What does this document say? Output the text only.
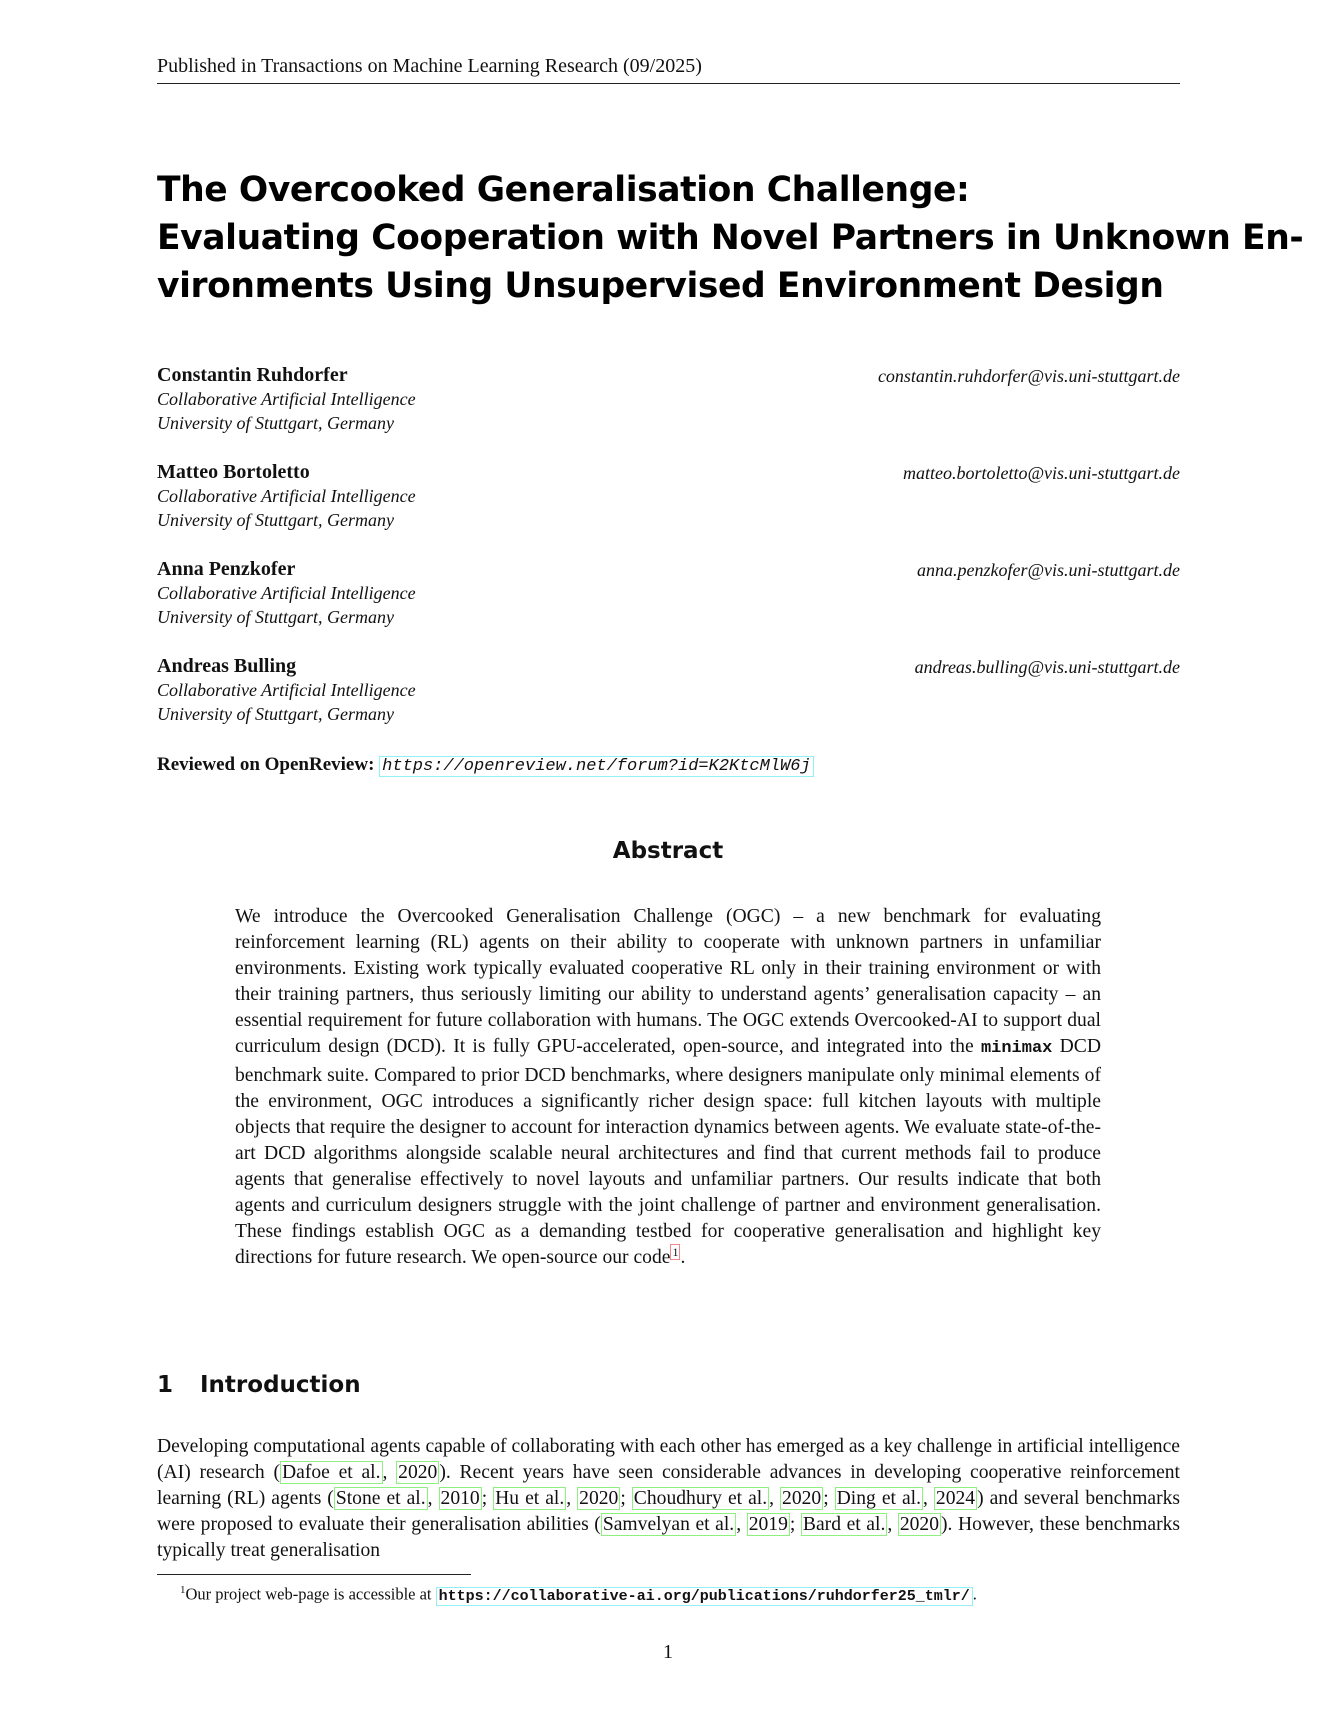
Published in Transactions on Machine Learning Research (09/2025)
The Overcooked Generalisation Challenge:
Evaluating Cooperation with Novel Partners in Unknown En-
vironments Using Unsupervised Environment Design
Constantin Ruhdorfer
Collaborative Artificial Intelligence
University of Stuttgart, Germany
constantin.ruhdorfer@vis.uni-stuttgart.de
Matteo Bortoletto
Collaborative Artificial Intelligence
University of Stuttgart, Germany
matteo.bortoletto@vis.uni-stuttgart.de
Anna Penzkofer
Collaborative Artificial Intelligence
University of Stuttgart, Germany
anna.penzkofer@vis.uni-stuttgart.de
Andreas Bulling
Collaborative Artificial Intelligence
University of Stuttgart, Germany
andreas.bulling@vis.uni-stuttgart.de
Reviewed on OpenReview: https://openreview.net/forum?id=K2KtcMlW6j
Abstract
We introduce the Overcooked Generalisation Challenge (OGC) – a new benchmark for evaluating reinforcement learning (RL) agents on their ability to cooperate with unknown partners in unfamiliar environments. Existing work typically evaluated cooperative RL only in their training environment or with their training partners, thus seriously limiting our ability to understand agents’ generalisation capacity – an essential requirement for future collaboration with humans. The OGC extends Overcooked-AI to support dual curriculum design (DCD). It is fully GPU-accelerated, open-source, and integrated into the minimax DCD benchmark suite. Compared to prior DCD benchmarks, where designers manipulate only minimal elements of the environment, OGC introduces a significantly richer design space: full kitchen layouts with multiple objects that require the designer to account for interaction dynamics between agents. We evaluate state-of-the-art DCD algorithms alongside scalable neural architectures and find that current methods fail to produce agents that generalise effectively to novel layouts and unfamiliar partners. Our results indicate that both agents and curriculum designers struggle with the joint challenge of partner and environment generalisation. These findings establish OGC as a demanding testbed for cooperative generalisation and highlight key directions for future research. We open-source our code $^1$ .
1 Introduction
Developing computational agents capable of collaborating with each other has emerged as a key challenge in artificial intelligence (AI) research ( Dafoe et al. , 2020 ). Recent years have seen considerable advances in developing cooperative reinforcement learning (RL) agents ( Stone et al. , 2010 ; Hu et al. , 2020 ; Choudhury et al. , 2020 ; Ding et al. , 2024 ) and several benchmarks were proposed to evaluate their generalisation abilities ( Samvelyan et al. , 2019 ; Bard et al. , 2020 ). However, these benchmarks typically treat generalisation
$^1$Our project web-page is accessible at https://collaborative-ai.org/publications/ruhdorfer25_tmlr/ .
1
